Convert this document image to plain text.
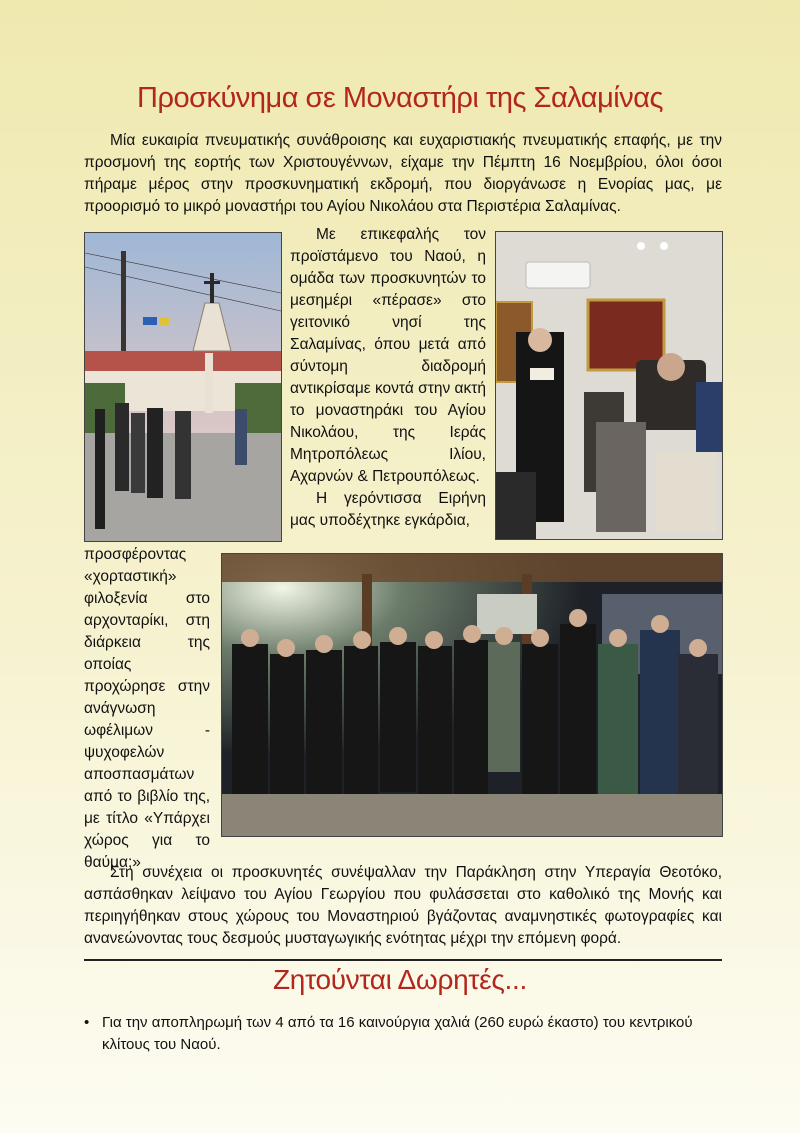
Προσκύνημα σε Μοναστήρι της Σαλαμίνας
Μία ευκαιρία πνευματικής συνάθροισης και ευχαριστιακής πνευματικής επαφής, με την προσμονή της εορτής των Χριστουγέννων, είχαμε την Πέμπτη 16 Νοεμβρίου, όλοι όσοι πήραμε μέρος στην προσκυνηματική εκδρομή, που διοργάνωσε η Ενορίας μας, με προορισμό το μικρό μοναστήρι του Αγίου Νικολάου στα Περιστέρια Σαλαμίνας.

Με επικεφαλής τον προϊστάμενο του Ναού, η ομάδα των προσκυνητών το μεσημέρι «πέρασε» στο γειτονικό νησί της Σαλαμίνας, όπου μετά από σύντομη διαδρομή αντικρίσαμε κοντά στην ακτή το μοναστηράκι του Αγίου Νικολάου, της Ιεράς Μητροπόλεως Ιλίου, Αχαρνών & Πετρουπόλεως.

Η γερόντισσα Ειρήνη μας υποδέχτηκε εγκάρδια,

προσφέροντας «χορταστική» φιλοξενία στο αρχονταρίκι, στη διάρκεια της οποίας προχώρησε στην ανάγνωση ωφέλιμων - ψυχοφελών αποσπασμάτων από το βιβλίο της, με τίτλο «Υπάρχει χώρος για το θαύμα;»
Στη συνέχεια οι προσκυνητές συνέψαλλαν την Παράκληση στην Υπεραγία Θεοτόκο, ασπάσθηκαν λείψανο του Αγίου Γεωργίου που φυλάσσεται στο καθολικό της Μονής και περιηγήθηκαν στους χώρους του Μοναστηριού βγάζοντας αναμνηστικές φωτογραφίες και ανανεώνοντας τους δεσμούς μυσταγωγικής ενότητας μέχρι την επόμενη φορά.
Ζητούνται Δωρητές...
• Για την αποπληρωμή των 4 από τα 16 καινούργια χαλιά (260 ευρώ έκαστο) του κεντρικού κλίτους του Ναού.
